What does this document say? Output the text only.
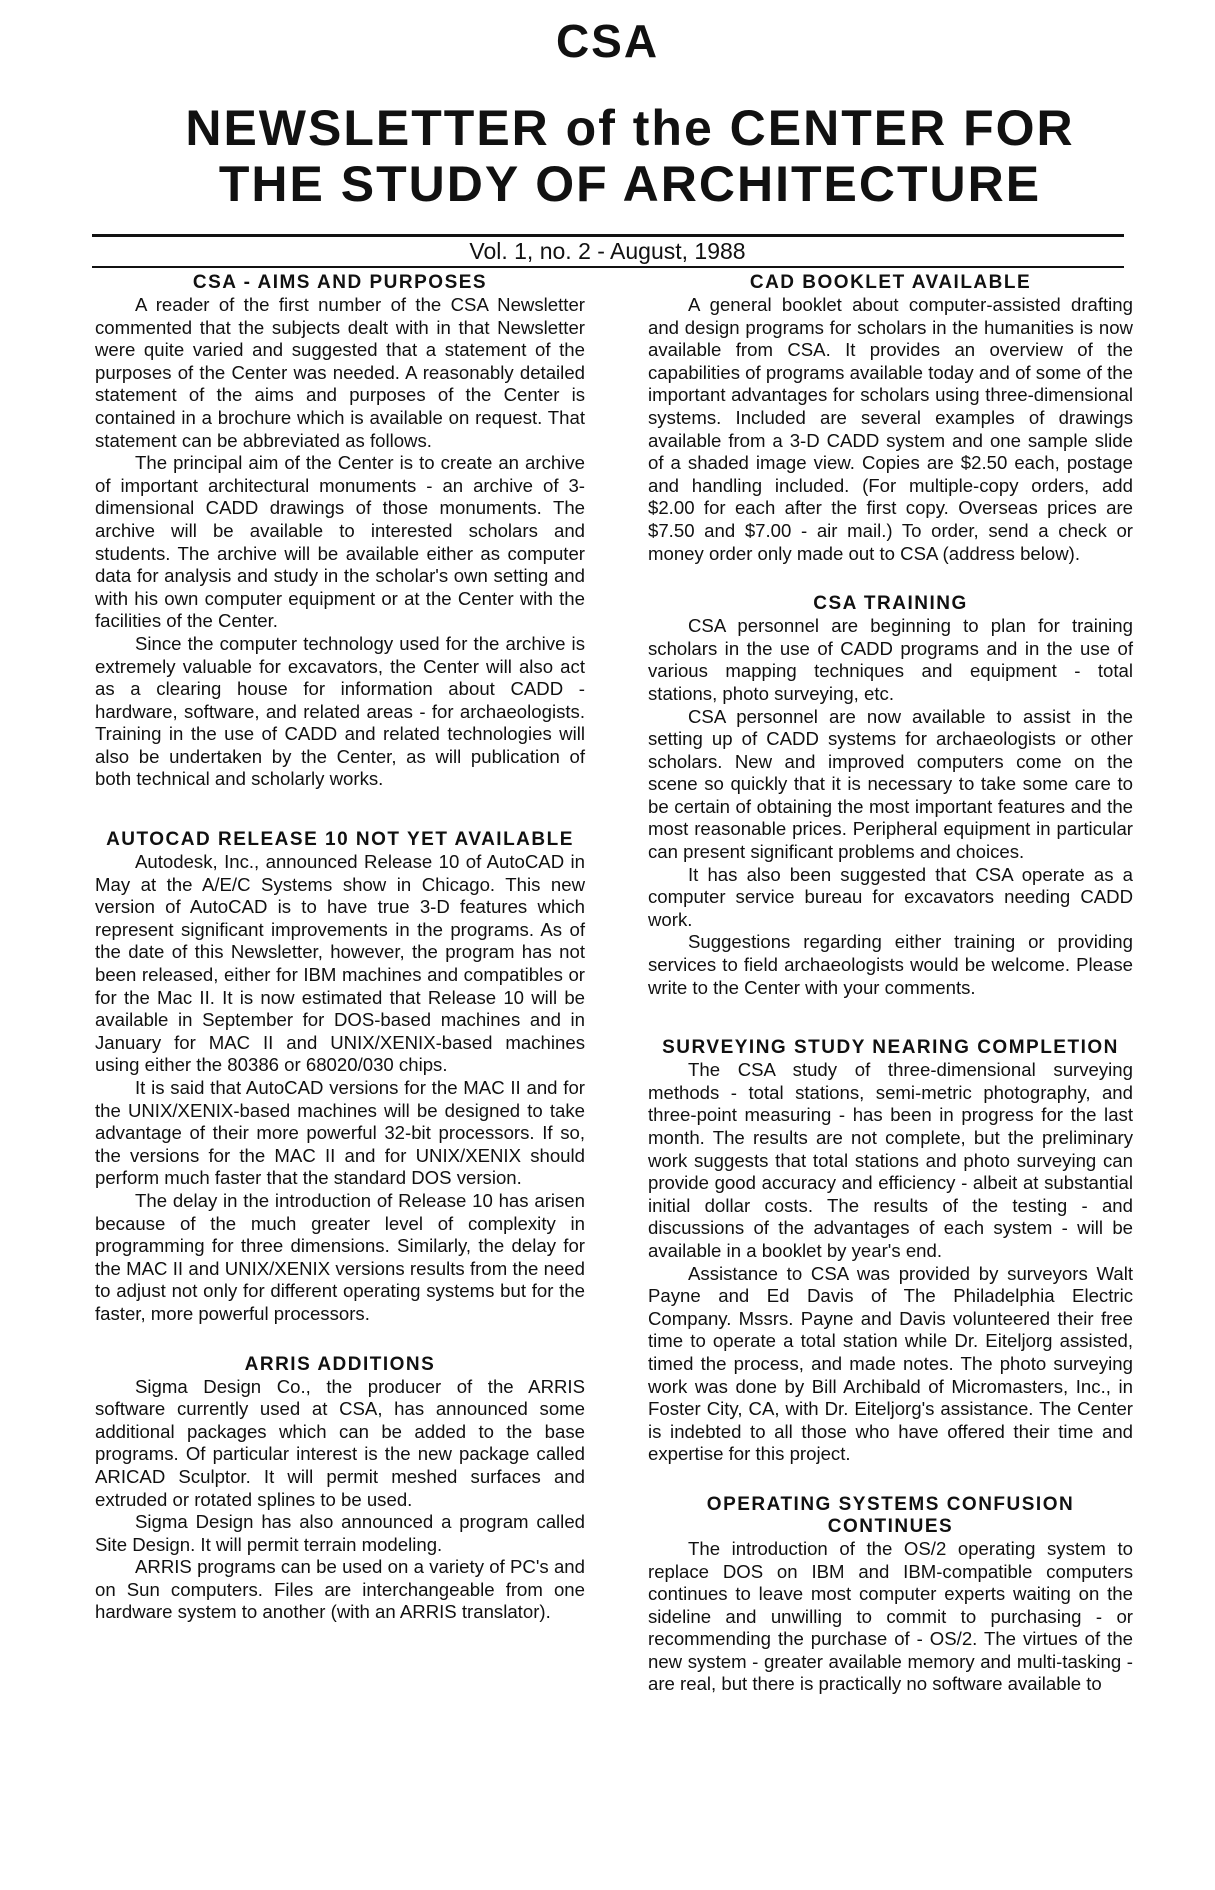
CSA
NEWSLETTER of the CENTER FOR THE STUDY OF ARCHITECTURE
Vol. 1, no. 2 - August, 1988
CSA - AIMS AND PURPOSES

A reader of the first number of the CSA Newsletter commented that the subjects dealt with in that Newsletter were quite varied and suggested that a statement of the purposes of the Center was needed. A reasonably detailed statement of the aims and purposes of the Center is contained in a brochure which is available on request. That statement can be abbreviated as follows.

The principal aim of the Center is to create an archive of important architectural monuments - an archive of 3-dimensional CADD drawings of those monuments. The archive will be available to interested scholars and students. The archive will be available either as computer data for analysis and study in the scholar's own setting and with his own computer equipment or at the Center with the facilities of the Center.

Since the computer technology used for the archive is extremely valuable for excavators, the Center will also act as a clearing house for information about CADD - hardware, software, and related areas - for archaeologists. Training in the use of CADD and related technologies will also be undertaken by the Center, as will publication of both technical and scholarly works.

AUTOCAD RELEASE 10 NOT YET AVAILABLE

Autodesk, Inc., announced Release 10 of AutoCAD in May at the A/E/C Systems show in Chicago. This new version of AutoCAD is to have true 3-D features which represent significant improvements in the programs. As of the date of this Newsletter, however, the program has not been released, either for IBM machines and compatibles or for the Mac II. It is now estimated that Release 10 will be available in September for DOS-based machines and in January for MAC II and UNIX/XENIX-based machines using either the 80386 or 68020/030 chips.

It is said that AutoCAD versions for the MAC II and for the UNIX/XENIX-based machines will be designed to take advantage of their more powerful 32-bit processors. If so, the versions for the MAC II and for UNIX/XENIX should perform much faster that the standard DOS version.

The delay in the introduction of Release 10 has arisen because of the much greater level of complexity in programming for three dimensions. Similarly, the delay for the MAC II and UNIX/XENIX versions results from the need to adjust not only for different operating systems but for the faster, more powerful processors.

ARRIS ADDITIONS

Sigma Design Co., the producer of the ARRIS software currently used at CSA, has announced some additional packages which can be added to the base programs. Of particular interest is the new package called ARICAD Sculptor. It will permit meshed surfaces and extruded or rotated splines to be used.

Sigma Design has also announced a program called Site Design. It will permit terrain modeling.

ARRIS programs can be used on a variety of PC's and on Sun computers. Files are interchangeable from one hardware system to another (with an ARRIS translator).

CAD BOOKLET AVAILABLE

A general booklet about computer-assisted drafting and design programs for scholars in the humanities is now available from CSA. It provides an overview of the capabilities of programs available today and of some of the important advantages for scholars using three-dimensional systems. Included are several examples of drawings available from a 3-D CADD system and one sample slide of a shaded image view. Copies are $2.50 each, postage and handling included. (For multiple-copy orders, add $2.00 for each after the first copy. Overseas prices are $7.50 and $7.00 - air mail.) To order, send a check or money order only made out to CSA (address below).

CSA TRAINING

CSA personnel are beginning to plan for training scholars in the use of CADD programs and in the use of various mapping techniques and equipment - total stations, photo surveying, etc.

CSA personnel are now available to assist in the setting up of CADD systems for archaeologists or other scholars. New and improved computers come on the scene so quickly that it is necessary to take some care to be certain of obtaining the most important features and the most reasonable prices. Peripheral equipment in particular can present significant problems and choices.

It has also been suggested that CSA operate as a computer service bureau for excavators needing CADD work.

Suggestions regarding either training or providing services to field archaeologists would be welcome. Please write to the Center with your comments.

SURVEYING STUDY NEARING COMPLETION

The CSA study of three-dimensional surveying methods - total stations, semi-metric photography, and three-point measuring - has been in progress for the last month. The results are not complete, but the preliminary work suggests that total stations and photo surveying can provide good accuracy and efficiency - albeit at substantial initial dollar costs. The results of the testing - and discussions of the advantages of each system - will be available in a booklet by year's end.

Assistance to CSA was provided by surveyors Walt Payne and Ed Davis of The Philadelphia Electric Company. Mssrs. Payne and Davis volunteered their free time to operate a total station while Dr. Eiteljorg assisted, timed the process, and made notes. The photo surveying work was done by Bill Archibald of Micromasters, Inc., in Foster City, CA, with Dr. Eiteljorg's assistance. The Center is indebted to all those who have offered their time and expertise for this project.

OPERATING SYSTEMS CONFUSION CONTINUES

The introduction of the OS/2 operating system to replace DOS on IBM and IBM-compatible computers continues to leave most computer experts waiting on the sideline and unwilling to commit to purchasing - or recommending the purchase of - OS/2. The virtues of the new system - greater available memory and multi-tasking - are real, but there is practically no software available to
